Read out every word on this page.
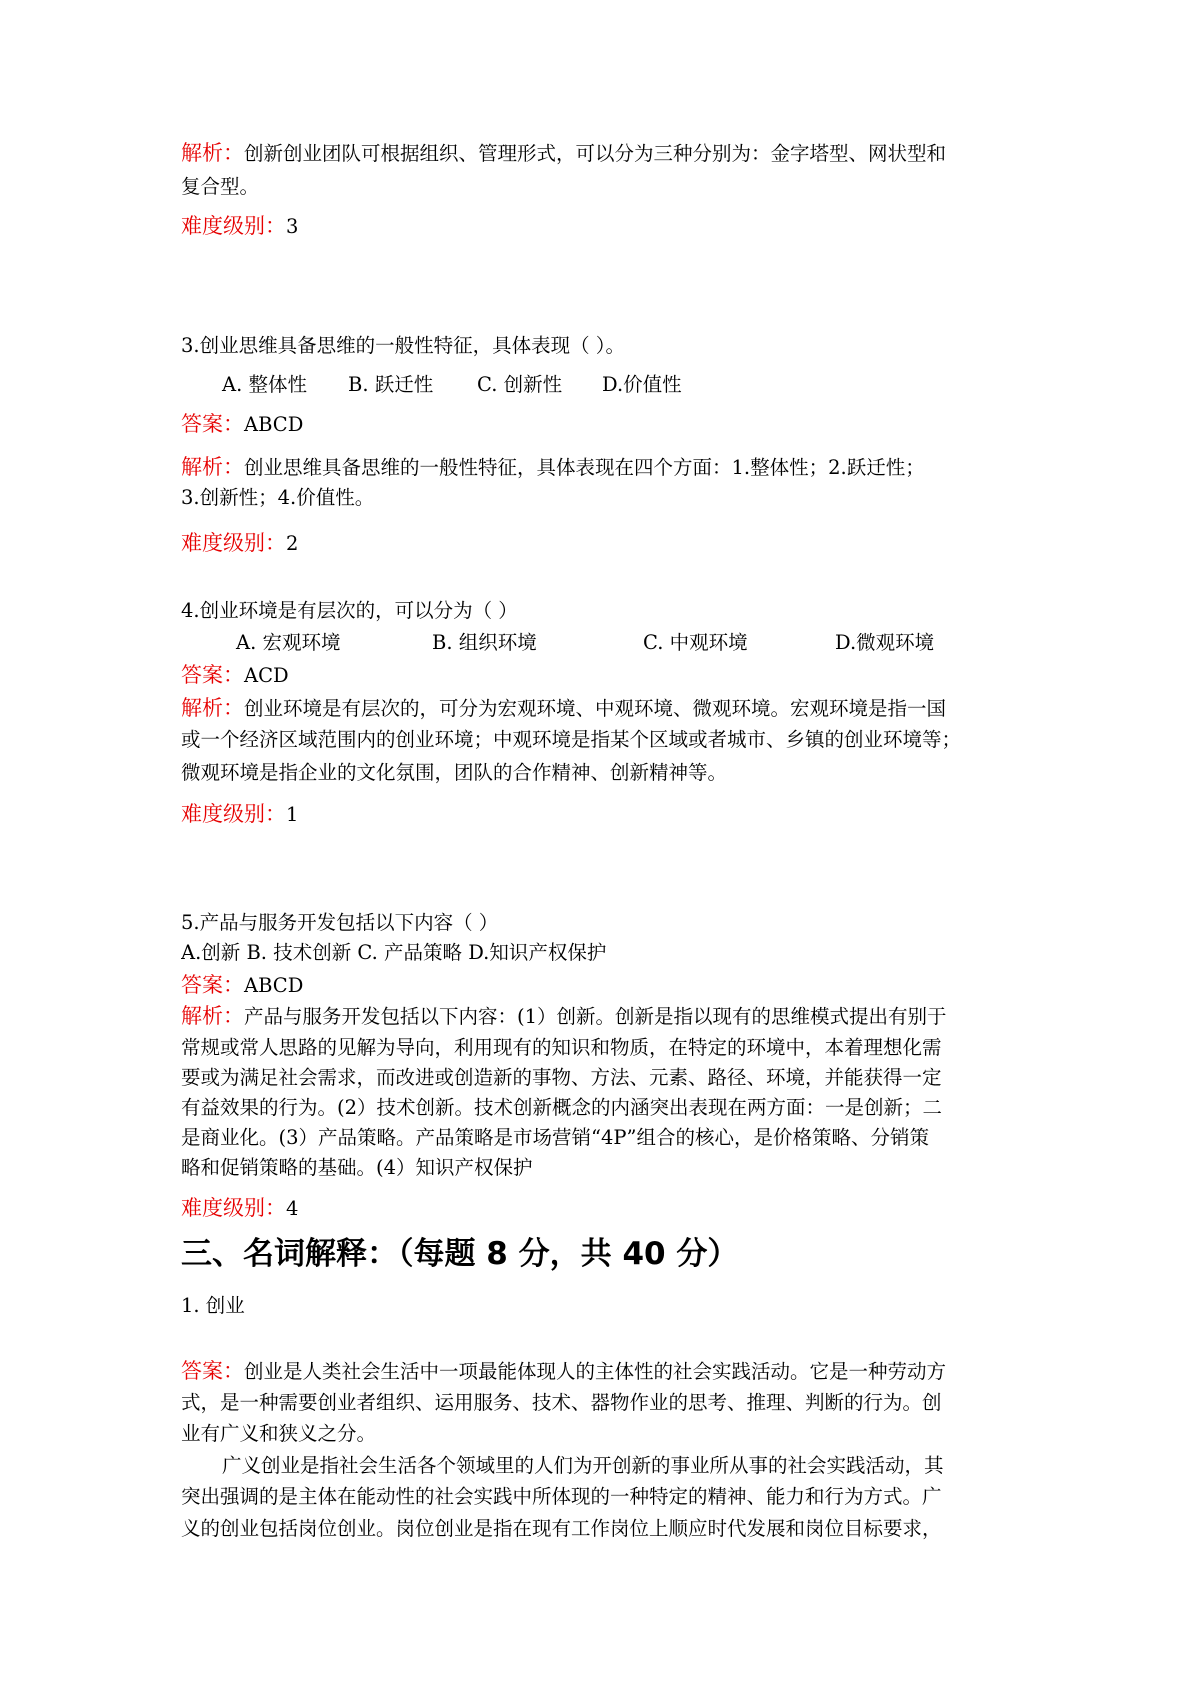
解析：创新创业团队可根据组织、管理形式，可以分为三种分别为：金字塔型、网状型和
复合型。
难度级别：3
3.创业思维具备思维的一般性特征，具体表现（ ）。
A. 整体性 B. 跃迁性 C. 创新性 D.价值性
答案：ABCD
解析：创业思维具备思维的一般性特征，具体表现在四个方面：1.整体性；2.跃迁性；
3.创新性；4.价值性。
难度级别：2
4.创业环境是有层次的，可以分为（ ）
A. 宏观环境	B. 组织环境	C. 中观环境	D.微观环境
答案：ACD
解析：创业环境是有层次的，可分为宏观环境、中观环境、微观环境。宏观环境是指一国
或一个经济区域范围内的创业环境；中观环境是指某个区域或者城市、乡镇的创业环境等；
微观环境是指企业的文化氛围，团队的合作精神、创新精神等。
难度级别：1
5.产品与服务开发包括以下内容（ ）
A.创新 B. 技术创新 C. 产品策略 D.知识产权保护
答案：ABCD
解析：产品与服务开发包括以下内容：(1）创新。创新是指以现有的思维模式提出有别于
常规或常人思路的见解为导向，利用现有的知识和物质，在特定的环境中，本着理想化需
要或为满足社会需求，而改进或创造新的事物、方法、元素、路径、环境，并能获得一定
有益效果的行为。(2）技术创新。技术创新概念的内涵突出表现在两方面：一是创新；二
是商业化。(3）产品策略。产品策略是市场营销“4P”组合的核心，是价格策略、分销策
略和促销策略的基础。(4）知识产权保护
难度级别：4
三、名词解释：（每题 8 分，共 40 分）
1. 创业
答案：创业是人类社会生活中一项最能体现人的主体性的社会实践活动。它是一种劳动方
式，是一种需要创业者组织、运用服务、技术、器物作业的思考、推理、判断的行为。创
业有广义和狭义之分。
广义创业是指社会生活各个领域里的人们为开创新的事业所从事的社会实践活动，其
突出强调的是主体在能动性的社会实践中所体现的一种特定的精神、能力和行为方式。广
义的创业包括岗位创业。岗位创业是指在现有工作岗位上顺应时代发展和岗位目标要求，
